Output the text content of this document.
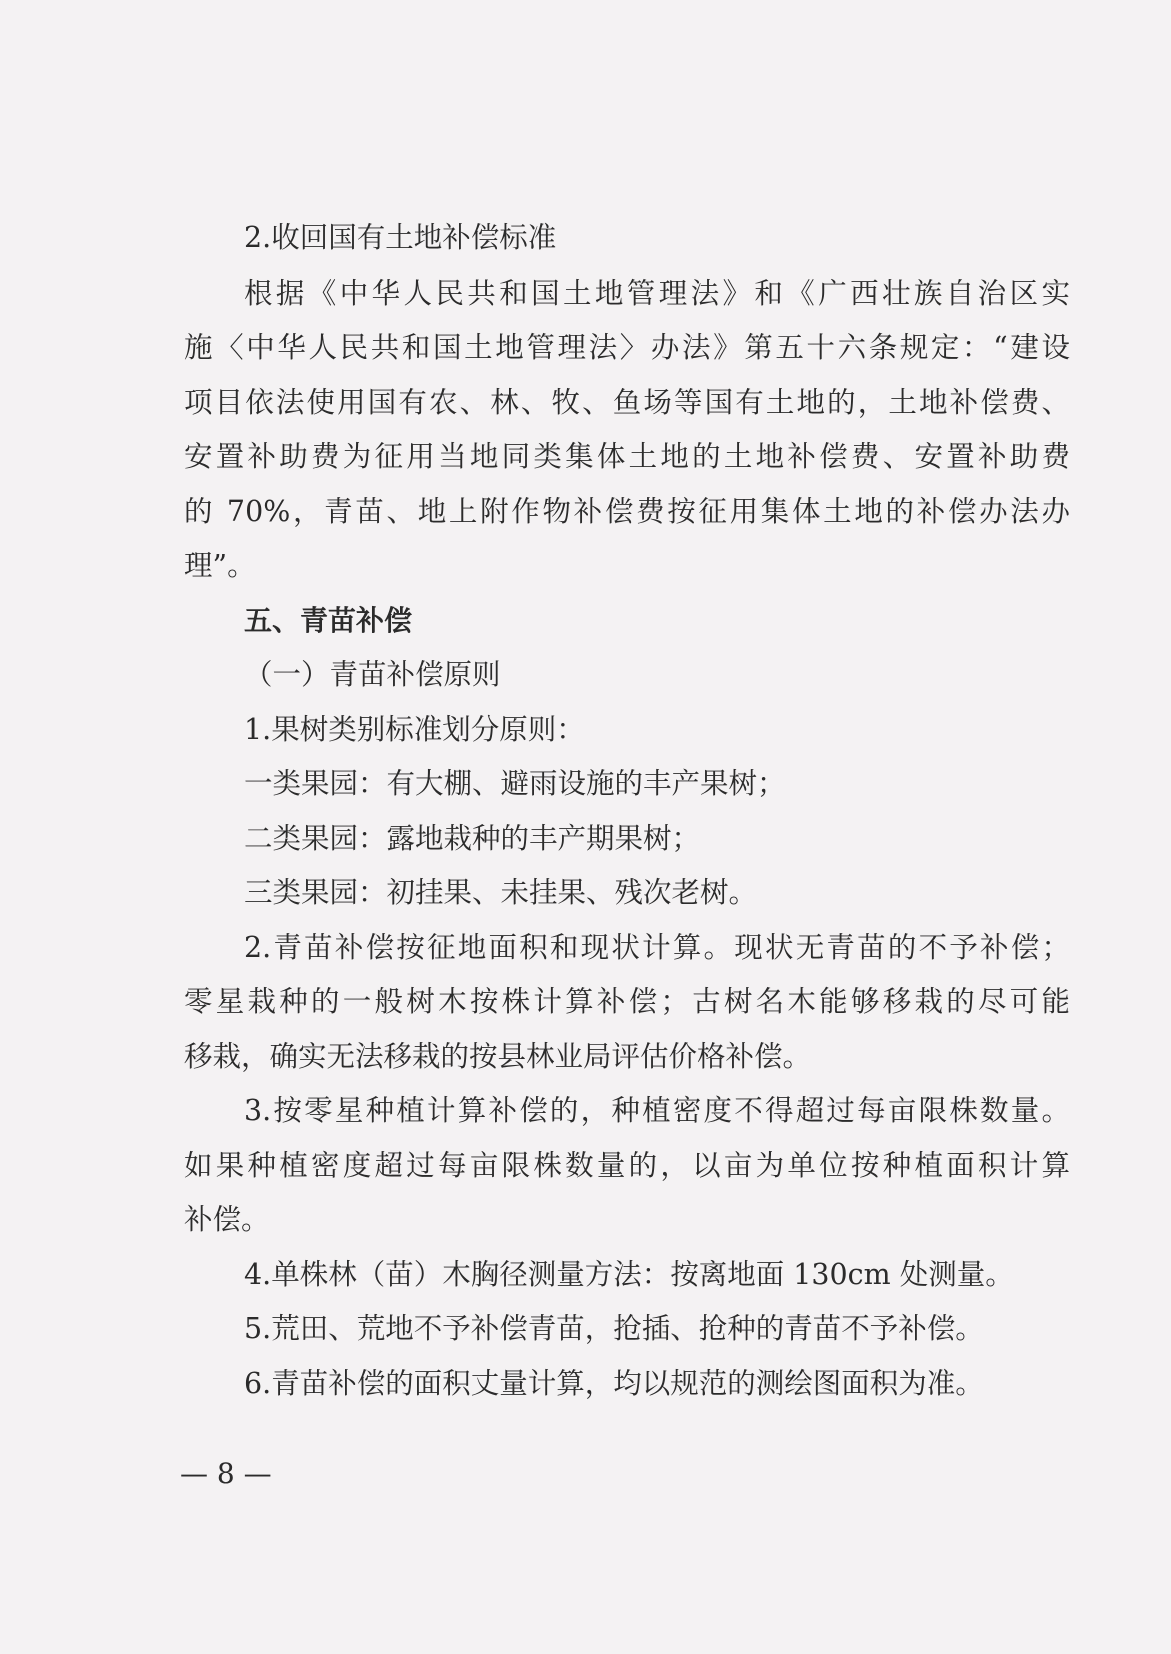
2.收回国有土地补偿标准
根据《中华人民共和国土地管理法》和《广西壮族自治区实
施〈中华人民共和国土地管理法〉办法》第五十六条规定：“建设
项目依法使用国有农、林、牧、鱼场等国有土地的，土地补偿费、
安置补助费为征用当地同类集体土地的土地补偿费、安置补助费
的 70%，青苗、地上附作物补偿费按征用集体土地的补偿办法办
理”。
五、青苗补偿
（一）青苗补偿原则
1.果树类别标准划分原则：
一类果园：有大棚、避雨设施的丰产果树；
二类果园：露地栽种的丰产期果树；
三类果园：初挂果、未挂果、残次老树。
2.青苗补偿按征地面积和现状计算。现状无青苗的不予补偿；
零星栽种的一般树木按株计算补偿；古树名木能够移栽的尽可能
移栽，确实无法移栽的按县林业局评估价格补偿。
3.按零星种植计算补偿的，种植密度不得超过每亩限株数量。
如果种植密度超过每亩限株数量的，以亩为单位按种植面积计算
补偿。
4.单株林（苗）木胸径测量方法：按离地面 130cm 处测量。
5.荒田、荒地不予补偿青苗，抢插、抢种的青苗不予补偿。
6.青苗补偿的面积丈量计算，均以规范的测绘图面积为准。
— 8 —
